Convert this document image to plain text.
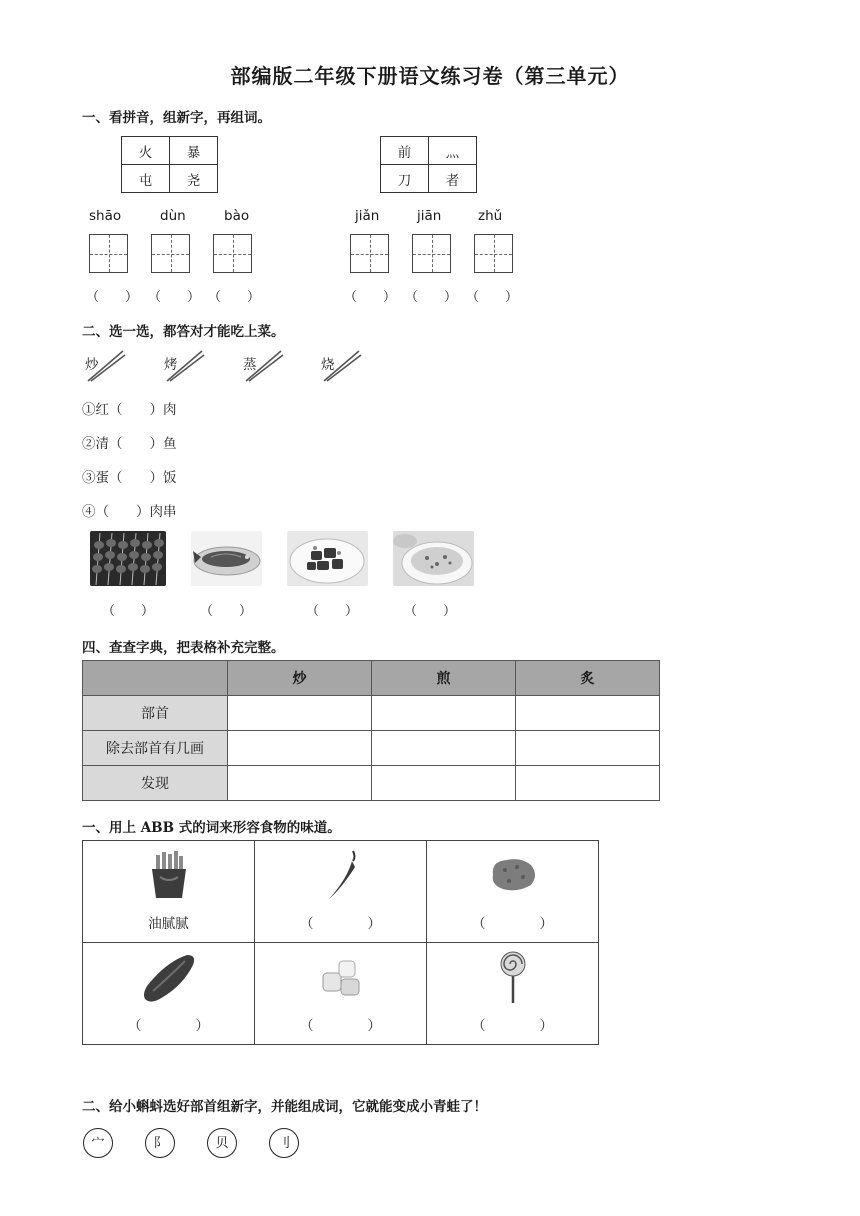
部编版二年级下册语文练习卷（第三单元）
一、看拼音，组新字，再组词。
火	暴
屯	尧
前	灬
刀	者
shāo	dùn	bào	jiǎn	jiān	zhǔ
（　　） （　　） （　　）	（　　） （　　） （　　）
二、选一选，都答对才能吃上菜。
炒	烤	蒸	烧
①红（　　）肉
②清（　　）鱼
③蛋（　　）饭
④（　　）肉串
（　　）	（　　）	（　　）	（　　）
四、查查字典，把表格补充完整。
	炒	煎	炙
部首			
除去部首有几画			
发现			
一、用上 ABB 式的词来形容食物的味道。
油腻腻	（　　　　）	（　　　　）

（　　　　）	（　　　　）	（　　　　）
二、给小蝌蚪选好部首组新字，并能组成词，它就能变成小青蛙了！
宀	阝	贝	刂
